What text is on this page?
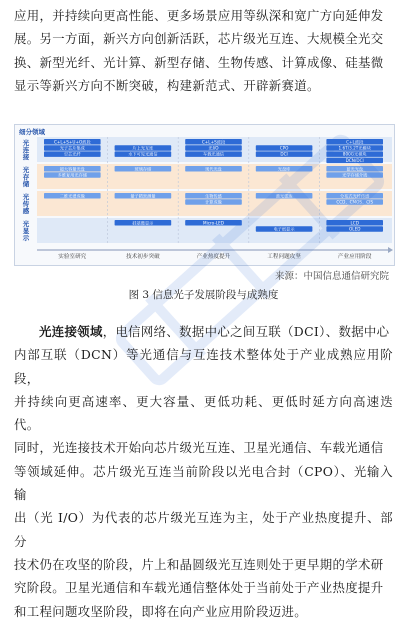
应用，并持续向更高性能、更多场景应用等纵深和宽广方向延伸发

展。另一方面，新兴方向创新活跃，芯片级光互连、大规模全光交

换、新型光纤、光计算、新型存储、生物传感、计算成像、硅基微

显示等新兴方向不断突破，构建新范式、开辟新赛道。

C+L+S+U+O波段
光子芯片集成
空芯光纤
片上光互连
水下可见光通信
C+L+S波段
光I/O
车载光通信
CPO
DCI
C+L波段
1.6T/3.2T光模块
800G光模块
DCN/DCI
超大容量光盘
多维复用光存储
玻璃存储	现代光盘	光盘库	蓝光光盘
光学存储介质
二维光谱成像	量子精密测量	生物传感
计算成像
激光雷达	分布式光纤传感
CCD、CMOS、CIS
硅基微显示	Micro-LED
电子纸显示
LCD
OLED
光
连
接
光
存
储
光
传
感
光
显
示
实验室研究	技术初步突破	产业热度提升	工程问题攻坚	产业应用阶段
细分领域
来源：中国信息通信研究院
图 3 信息光子发展阶段与成熟度

光连接领域，电信网络、数据中心之间互联（DCI）、数据中心

内部互联（DCN）等光通信与互连技术整体处于产业成熟应用阶段，

并持续向更高速率、更大容量、更低功耗、更低时延方向高速迭代。

同时，光连接技术开始向芯片级光互连、卫星光通信、车载光通信

等领域延伸。芯片级光互连当前阶段以光电合封（CPO）、光输入输

出（光 I/O）为代表的芯片级光互连为主，处于产业热度提升、部分

技术仍在攻坚的阶段，片上和晶圆级光互连则处于更早期的学术研

究阶段。卫星光通信和车载光通信整体处于当前处于产业热度提升

和工程问题攻坚阶段，即将在向产业应用阶段迈进。
